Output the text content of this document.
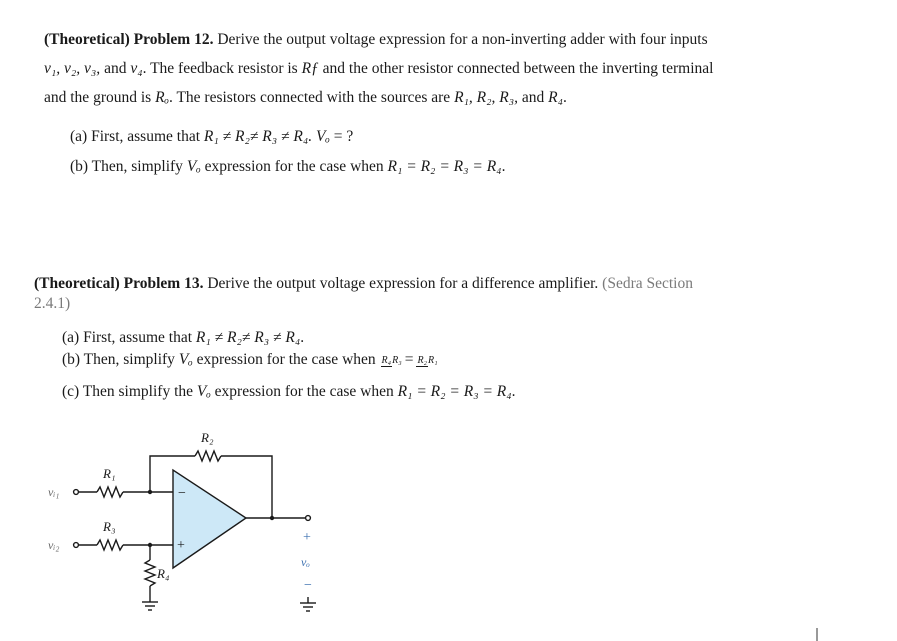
(Theoretical) Problem 12. Derive the output voltage expression for a non-inverting adder with four inputs
v₁, v₂, v₃, and v₄. The feedback resistor is Rƒ and the other resistor connected between the inverting terminal
and the ground is Rₒ. The resistors connected with the sources are R₁, R₂, R₃, and R₄.
(a) First, assume that R₁ ≠ R₂≠ R₃ ≠ R₄. Vₒ = ?
(b) Then, simplify Vₒ expression for the case when R₁ = R₂ = R₃ = R₄.
(Theoretical) Problem 13. Derive the output voltage expression for a difference amplifier. (Sedra Section
2.4.1)
(a) First, assume that R₁ ≠ R₂≠ R₃ ≠ R₄.
(b) Then, simplify Vₒ expression for the case when R₄R₃ = R₂R₁
(c) Then simplify the Vₒ expression for the case when R₁ = R₂ = R₃ = R₄.
R₂
R₁
R₃
R₄
vᵢ₁
vᵢ₂
−
+
+
vₒ
−
